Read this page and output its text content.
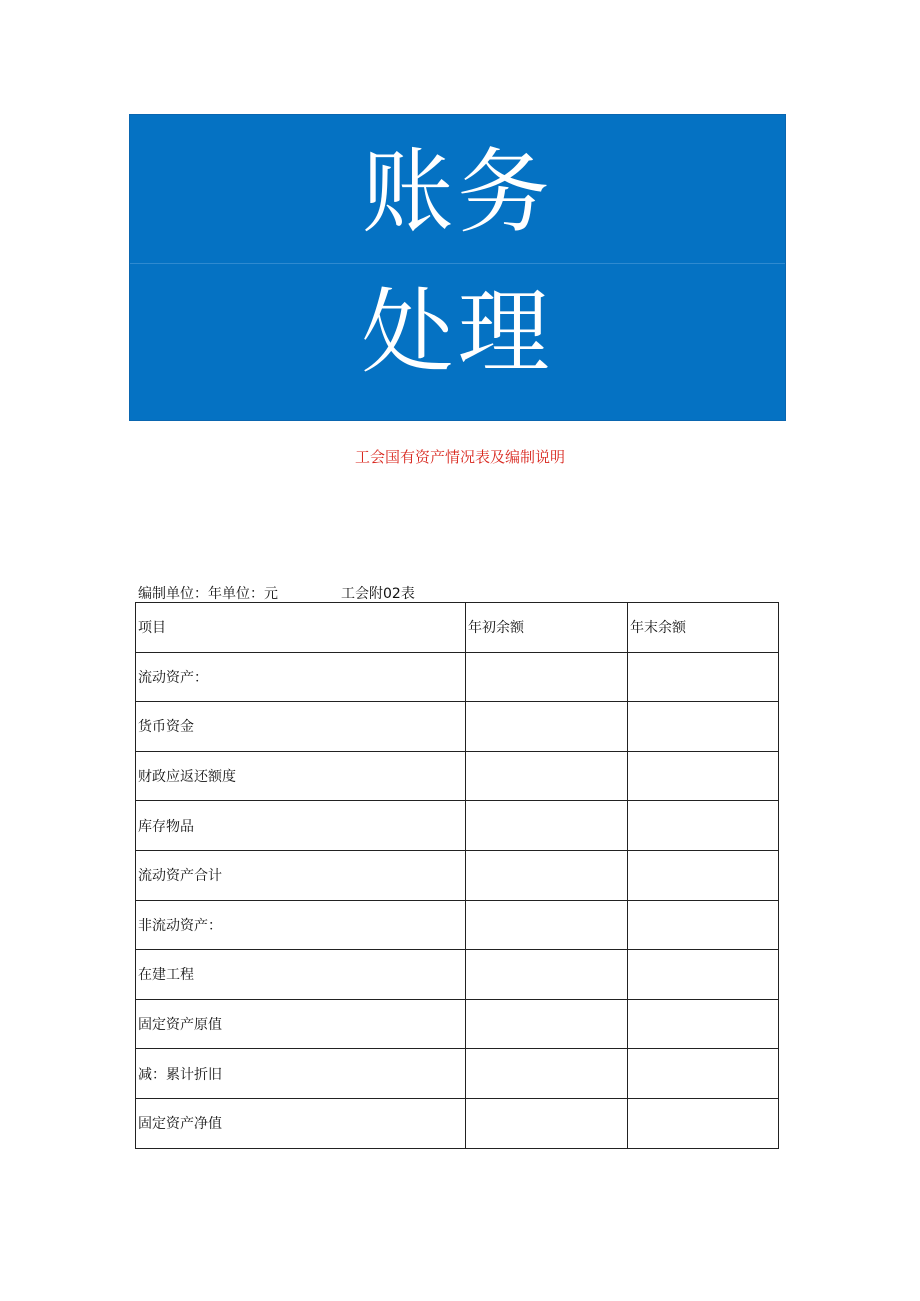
账务
处理
工会国有资产情况表及编制说明
编制单位：年单位：元	工会附02表
项目	年初余额	年末余额
流动资产：		
货币资金		
财政应返还额度		
库存物品		
流动资产合计		
非流动资产：		
在建工程		
固定资产原值		
减：累计折旧		
固定资产净值		
